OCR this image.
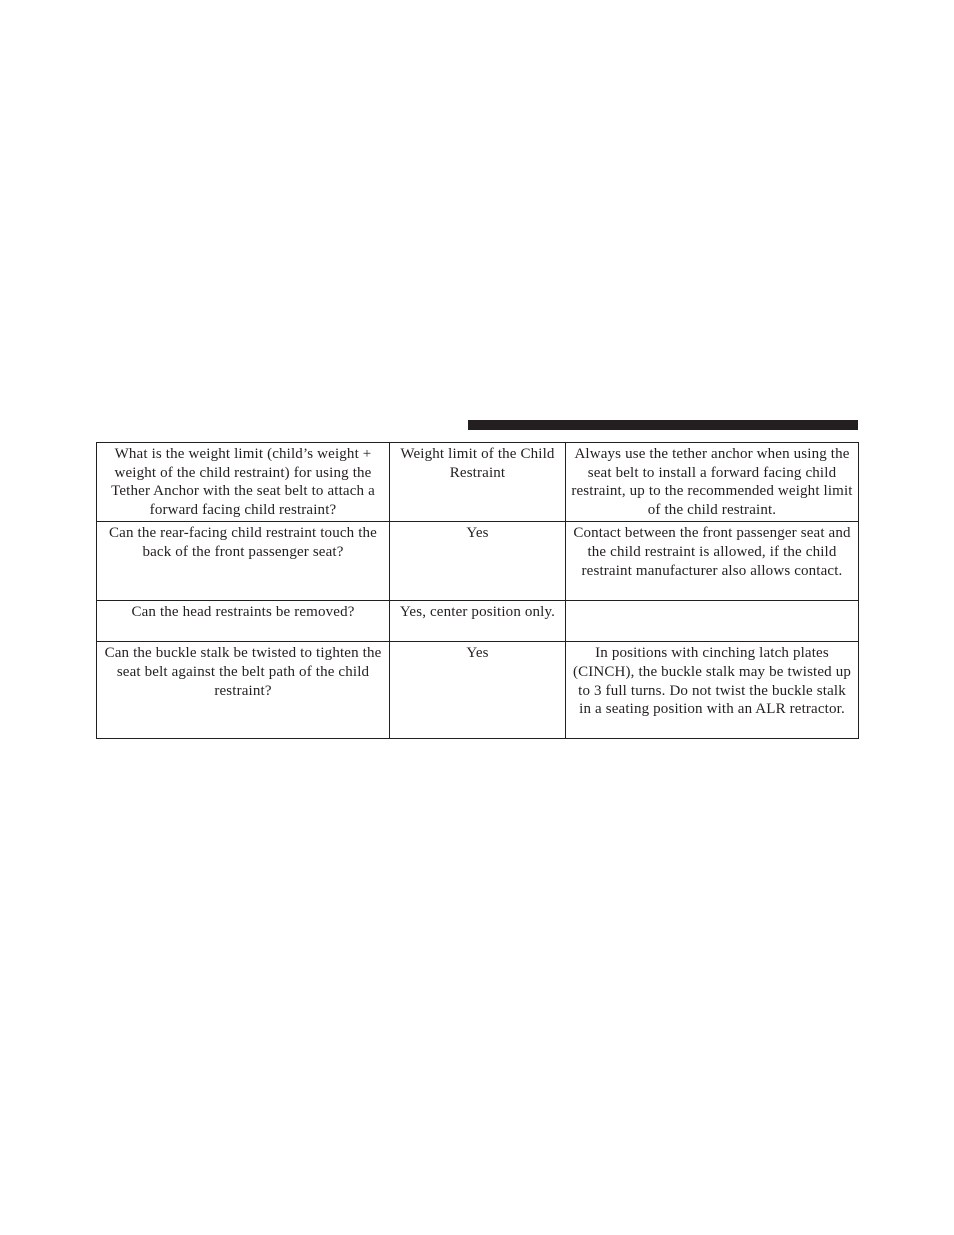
What is the weight limit (child’s weight + weight of the child restraint) for using the Tether Anchor with the seat belt to attach a forward facing child restraint?	Weight limit of the Child Restraint	Always use the tether anchor when using the seat belt to install a forward facing child restraint, up to the recommended weight limit of the child restraint.
Can the rear-facing child restraint touch the back of the front passenger seat?	Yes	Contact between the front passenger seat and the child restraint is allowed, if the child restraint manufacturer also allows contact.
Can the head restraints be removed?	Yes, center position only.	
Can the buckle stalk be twisted to tighten the seat belt against the belt path of the child restraint?	Yes	In positions with cinching latch plates (CINCH), the buckle stalk may be twisted up to 3 full turns. Do not twist the buckle stalk in a seating position with an ALR retractor.
